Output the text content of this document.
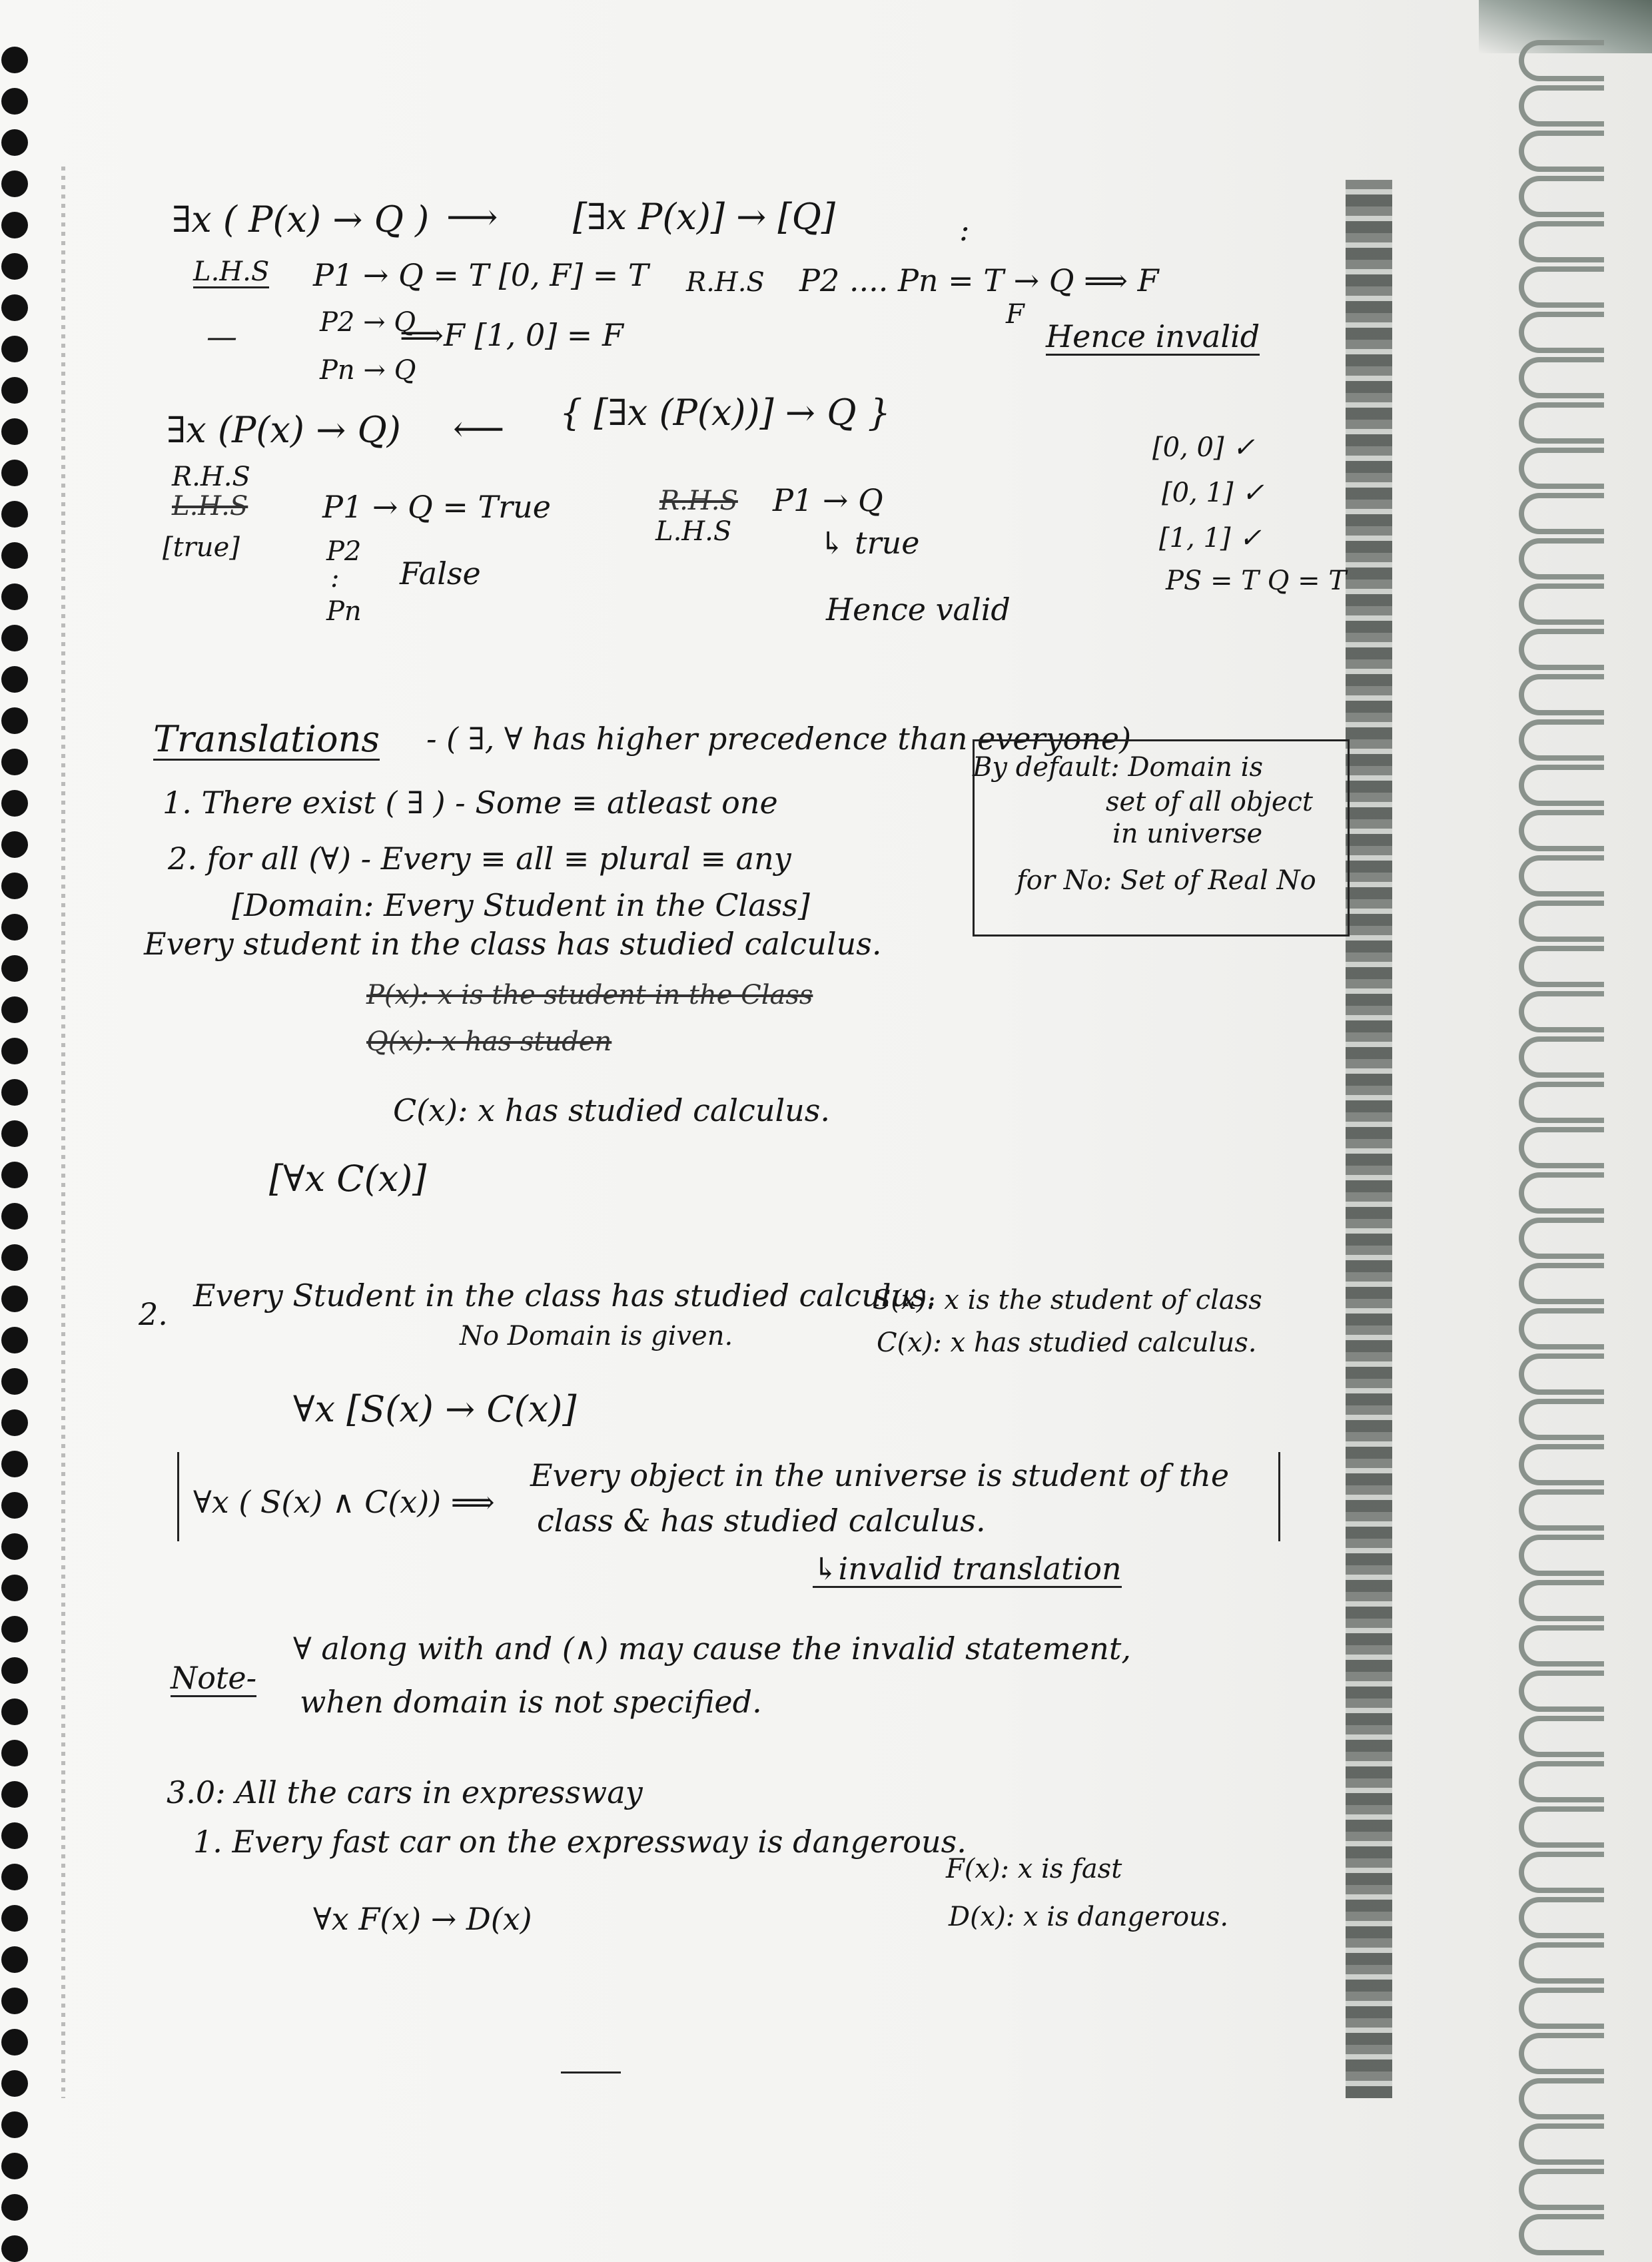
∃x ( P(x) → Q ) ⟶ [∃x P(x)] → [Q]	:
L.H.S P1 → Q = T [0, F] = T R.H.S P2 .... Pn = T → Q ⟹ F
F
—	P2 → Q
Pn → Q
⟹F [1, 0] = F	Hence invalid
∃x (P(x) → Q) ⟵ { [∃x (P(x))] → Q }
R.H.S
L.H.S
[true]
P1 → Q = True
P2
:
Pn
False
R.H.S
L.H.S
P1 → Q
↳ true
Hence valid
[0, 0] ✓
[0, 1] ✓
[1, 1] ✓
PS = T Q = T
Translations - ( ∃, ∀ has higher precedence than everyone)
1. There exist ( ∃ ) - Some ≡ atleast one
2. for all (∀) - Every ≡ all ≡ plural ≡ any
[Domain: Every Student in the Class]
Every student in the class has studied calculus.
P(x): x is the student in the Class
Q(x): x has studen
C(x): x has studied calculus.
[∀x C(x)]
By default: Domain is
set of all object
in universe
for No: Set of Real No
2.
Every Student in the class has studied calculus.
No Domain is given.
S(x): x is the student of class
C(x): x has studied calculus.
∀x [S(x) → C(x)]
∀x ( S(x) ∧ C(x)) ⟹
Every object in the universe is student of the
class & has studied calculus.
↳invalid translation
Note-
∀ along with and (∧) may cause the invalid statement,
when domain is not specified.
3.0: All the cars in expressway
1. Every fast car on the expressway is dangerous.
F(x): x is fast
D(x): x is dangerous.
∀x F(x) → D(x)
